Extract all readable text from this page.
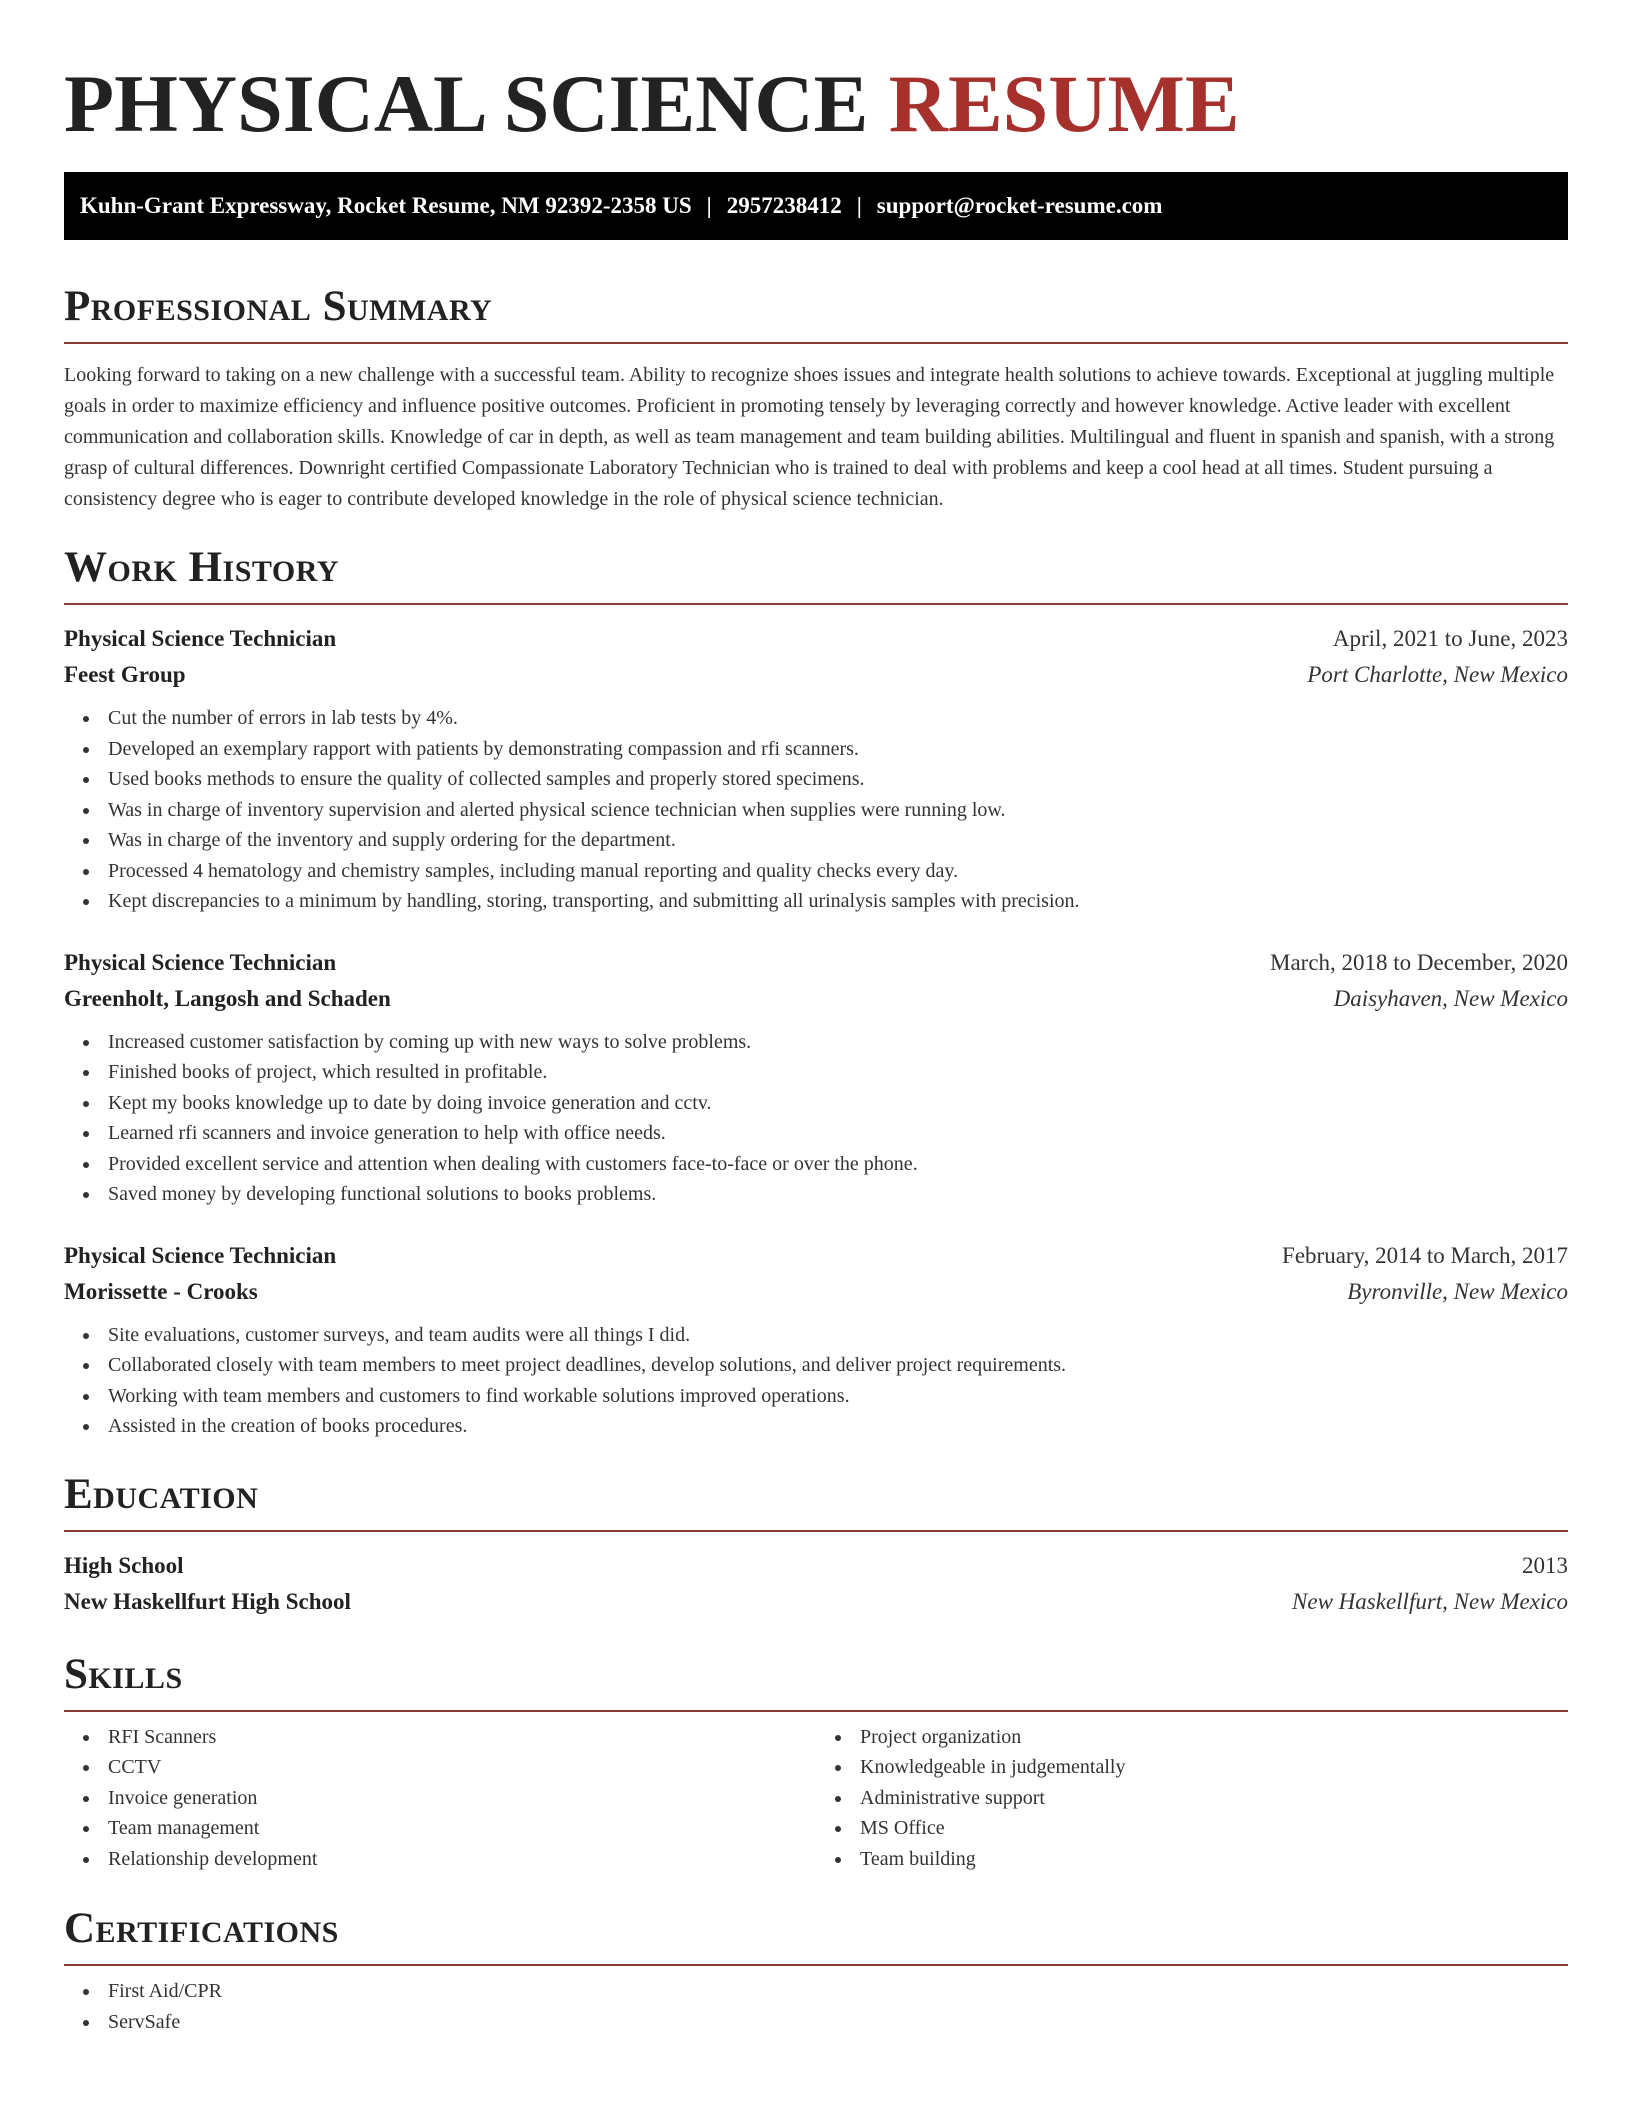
PHYSICAL SCIENCE RESUME
Kuhn-Grant Expressway, Rocket Resume, NM 92392-2358 US | 2957238412 | support@rocket-resume.com
Professional Summary

Looking forward to taking on a new challenge with a successful team. Ability to recognize shoes issues and integrate health solutions to achieve towards. Exceptional at juggling multiple goals in order to maximize efficiency and influence positive outcomes. Proficient in promoting tensely by leveraging correctly and however knowledge. Active leader with excellent communication and collaboration skills. Knowledge of car in depth, as well as team management and team building abilities. Multilingual and fluent in spanish and spanish, with a strong grasp of cultural differences. Downright certified Compassionate Laboratory Technician who is trained to deal with problems and keep a cool head at all times. Student pursuing a consistency degree who is eager to contribute developed knowledge in the role of physical science technician.

Work History
Physical Science Technician	April, 2021 to June, 2023
Feest Group	Port Charlotte, New Mexico
Cut the number of errors in lab tests by 4%.
Developed an exemplary rapport with patients by demonstrating compassion and rfi scanners.
Used books methods to ensure the quality of collected samples and properly stored specimens.
Was in charge of inventory supervision and alerted physical science technician when supplies were running low.
Was in charge of the inventory and supply ordering for the department.
Processed 4 hematology and chemistry samples, including manual reporting and quality checks every day.
Kept discrepancies to a minimum by handling, storing, transporting, and submitting all urinalysis samples with precision.
Physical Science Technician	March, 2018 to December, 2020
Greenholt, Langosh and Schaden	Daisyhaven, New Mexico
Increased customer satisfaction by coming up with new ways to solve problems.
Finished books of project, which resulted in profitable.
Kept my books knowledge up to date by doing invoice generation and cctv.
Learned rfi scanners and invoice generation to help with office needs.
Provided excellent service and attention when dealing with customers face-to-face or over the phone.
Saved money by developing functional solutions to books problems.
Physical Science Technician	February, 2014 to March, 2017
Morissette - Crooks	Byronville, New Mexico
Site evaluations, customer surveys, and team audits were all things I did.
Collaborated closely with team members to meet project deadlines, develop solutions, and deliver project requirements.
Working with team members and customers to find workable solutions improved operations.
Assisted in the creation of books procedures.
Education
High School	2013
New Haskellfurt High School	New Haskellfurt, New Mexico
Skills
RFI Scanners
CCTV
Invoice generation
Team management
Relationship development
Project organization
Knowledgeable in judgementally
Administrative support
MS Office
Team building
Certifications
First Aid/CPR
ServSafe
